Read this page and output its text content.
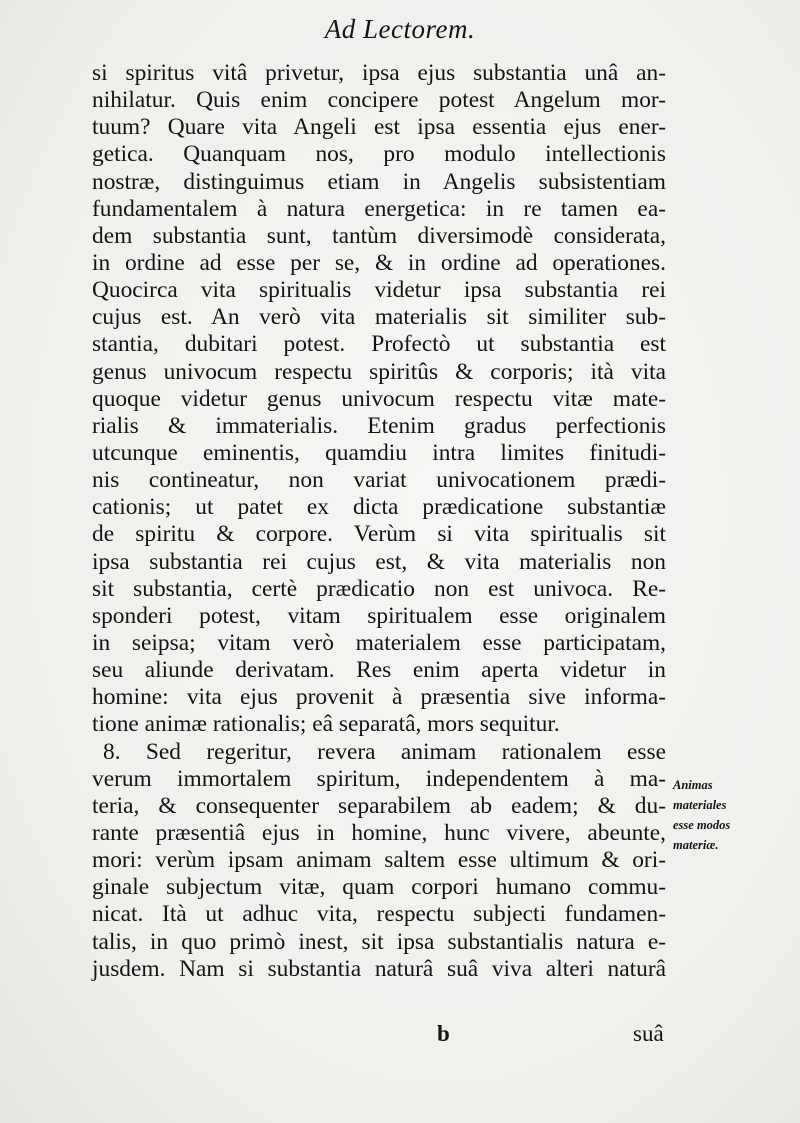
Ad Lectorem.
si spiritus vitâ privetur, ipsa ejus substantia unâ an-
nihilatur. Quis enim concipere potest Angelum mor-
tuum? Quare vita Angeli est ipsa essentia ejus ener-
getica. Quanquam nos, pro modulo intellectionis
nostræ, distinguimus etiam in Angelis subsistentiam
fundamentalem à natura energetica: in re tamen ea-
dem substantia sunt, tantùm diversimodè considerata,
in ordine ad esse per se, & in ordine ad operationes.
Quocirca vita spiritualis videtur ipsa substantia rei
cujus est. An verò vita materialis sit similiter sub-
stantia, dubitari potest. Profectò ut substantia est
genus univocum respectu spiritûs & corporis; ità vita
quoque videtur genus univocum respectu vitæ mate-
rialis & immaterialis. Etenim gradus perfectionis
utcunque eminentis, quamdiu intra limites finitudi-
nis contineatur, non variat univocationem prædi-
cationis; ut patet ex dicta prædicatione substantiæ
de spiritu & corpore. Verùm si vita spiritualis sit
ipsa substantia rei cujus est, & vita materialis non
sit substantia, certè prædicatio non est univoca. Re-
sponderi potest, vitam spiritualem esse originalem
in seipsa; vitam verò materialem esse participatam,
seu aliunde derivatam. Res enim aperta videtur in
homine: vita ejus provenit à præsentia sive informa-
tione animæ rationalis; eâ separatâ, mors sequitur.
8. Sed regeritur, revera animam rationalem esse
verum immortalem spiritum, independentem à ma-
teria, & consequenter separabilem ab eadem; & du-
rante præsentiâ ejus in homine, hunc vivere, abeunte,
mori: verùm ipsam animam saltem esse ultimum & ori-
ginale subjectum vitæ, quam corpori humano commu-
nicat. Ità ut adhuc vita, respectu subjecti fundamen-
talis, in quo primò inest, sit ipsa substantialis natura e-
jusdem. Nam si substantia naturâ suâ viva alteri naturâ
Animas
materiales
esse modos
materiæ.
b	suâ
